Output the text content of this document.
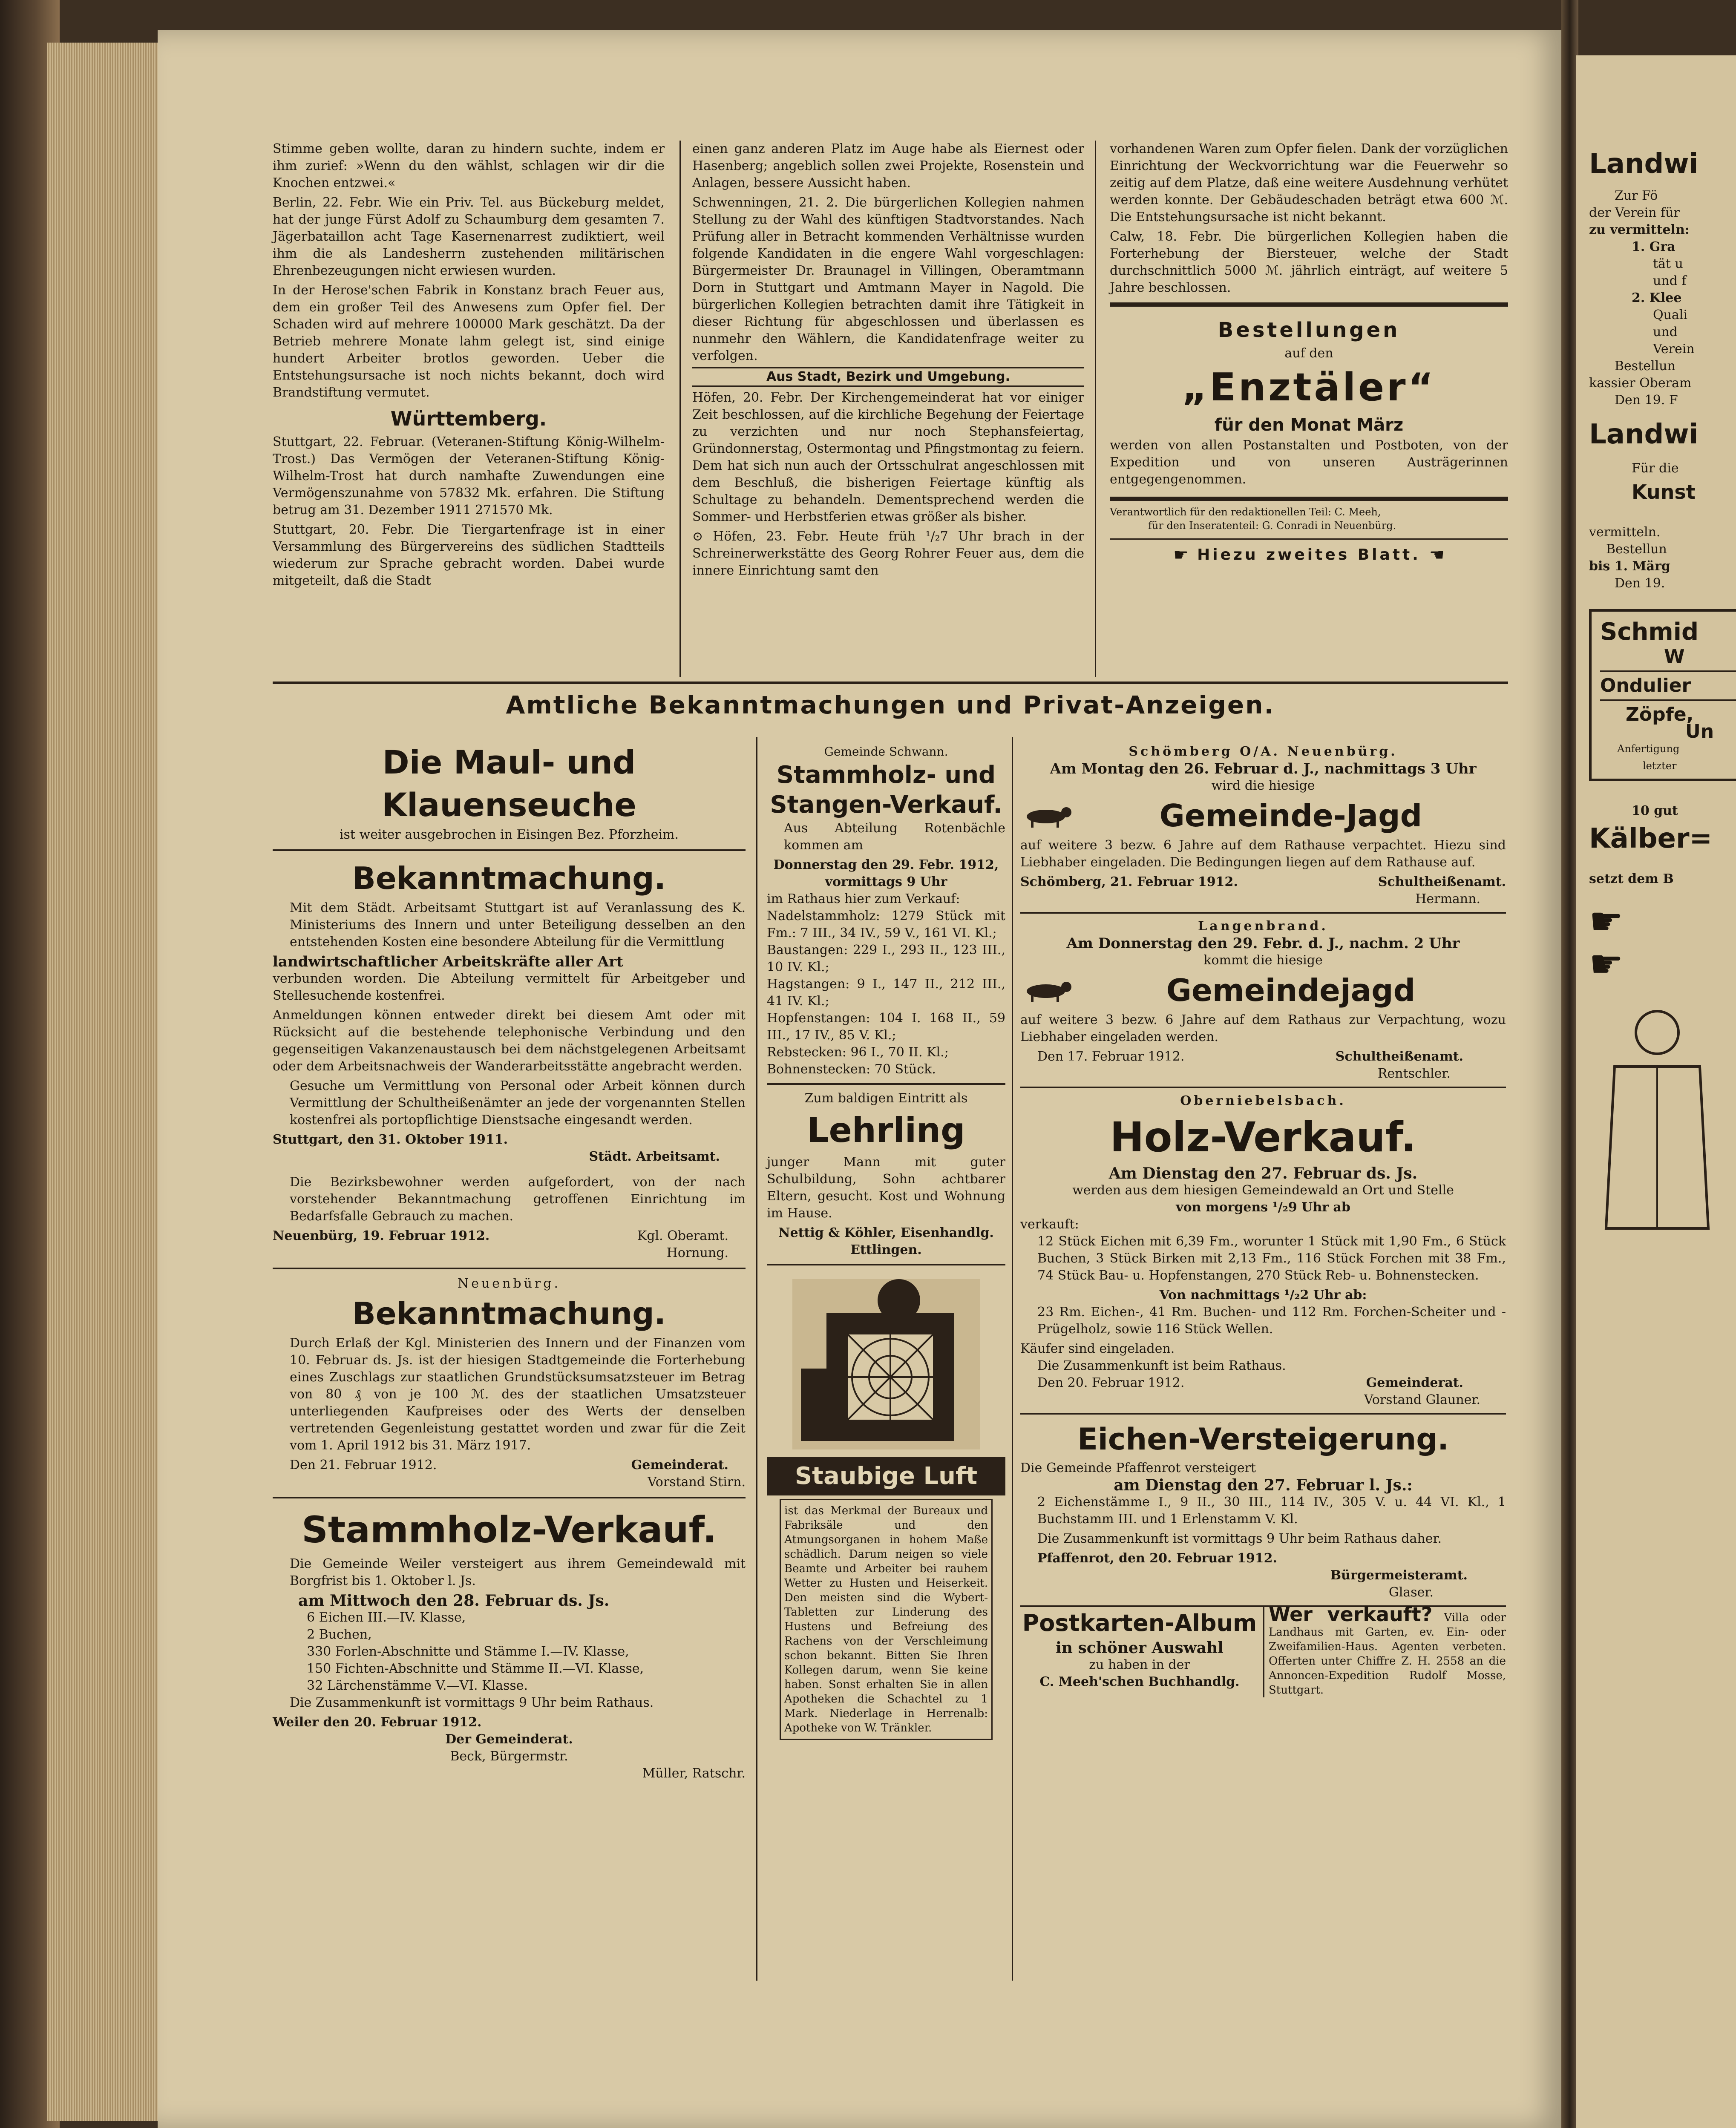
Stimme geben wollte, daran zu hindern suchte, indem er ihm zurief: »Wenn du den wählst, schlagen wir dir die Knochen entzwei.«

Berlin, 22. Febr. Wie ein Priv. Tel. aus Bückeburg meldet, hat der junge Fürst Adolf zu Schaumburg dem gesamten 7. Jägerbataillon acht Tage Kasernenarrest zudiktiert, weil ihm die als Landesherrn zustehenden militärischen Ehrenbezeugungen nicht erwiesen wurden.

In der Herose'schen Fabrik in Konstanz brach Feuer aus, dem ein großer Teil des Anwesens zum Opfer fiel. Der Schaden wird auf mehrere 100000 Mark geschätzt. Da der Betrieb mehrere Monate lahm gelegt ist, sind einige hundert Arbeiter brotlos geworden. Ueber die Entstehungsursache ist noch nichts bekannt, doch wird Brandstiftung vermutet.

Württemberg.

Stuttgart, 22. Februar. (Veteranen-Stiftung König-Wilhelm-Trost.) Das Vermögen der Veteranen-Stiftung König-Wilhelm-Trost hat durch namhafte Zuwendungen eine Vermögenszunahme von 57832 Mk. erfahren. Die Stiftung betrug am 31. Dezember 1911 271570 Mk.

Stuttgart, 20. Febr. Die Tiergartenfrage ist in einer Versammlung des Bürgervereins des südlichen Stadtteils wiederum zur Sprache gebracht worden. Dabei wurde mitgeteilt, daß die Stadt

einen ganz anderen Platz im Auge habe als Eiernest oder Hasenberg; angeblich sollen zwei Projekte, Rosenstein und Anlagen, bessere Aussicht haben.

Schwenningen, 21. 2. Die bürgerlichen Kollegien nahmen Stellung zu der Wahl des künftigen Stadtvorstandes. Nach Prüfung aller in Betracht kommenden Verhältnisse wurden folgende Kandidaten in die engere Wahl vorgeschlagen: Bürgermeister Dr. Braunagel in Villingen, Oberamtmann Dorn in Stuttgart und Amtmann Mayer in Nagold. Die bürgerlichen Kollegien betrachten damit ihre Tätigkeit in dieser Richtung für abgeschlossen und überlassen es nunmehr den Wählern, die Kandidatenfrage weiter zu verfolgen.

Aus Stadt, Bezirk und Umgebung.

Höfen, 20. Febr. Der Kirchengemeinderat hat vor einiger Zeit beschlossen, auf die kirchliche Begehung der Feiertage zu verzichten und nur noch Stephansfeiertag, Gründonnerstag, Ostermontag und Pfingstmontag zu feiern. Dem hat sich nun auch der Ortsschulrat angeschlossen mit dem Beschluß, die bisherigen Feiertage künftig als Schultage zu behandeln. Dementsprechend werden die Sommer- und Herbstferien etwas größer als bisher.

⊙ Höfen, 23. Febr. Heute früh ¹/₂7 Uhr brach in der Schreinerwerkstätte des Georg Rohrer Feuer aus, dem die innere Einrichtung samt den

vorhandenen Waren zum Opfer fielen. Dank der vorzüglichen Einrichtung der Weckvorrichtung war die Feuerwehr so zeitig auf dem Platze, daß eine weitere Ausdehnung verhütet werden konnte. Der Gebäudeschaden beträgt etwa 600 ℳ. Die Entstehungsursache ist nicht bekannt.

Calw, 18. Febr. Die bürgerlichen Kollegien haben die Forterhebung der Biersteuer, welche der Stadt durchschnittlich 5000 ℳ. jährlich einträgt, auf weitere 5 Jahre beschlossen.

Bestellungen
auf den
„Enztäler“
für den Monat März

werden von allen Postanstalten und Postboten, von der Expedition und von unseren Austrägerinnen entgegengenommen.

Verantwortlich für den redaktionellen Teil: C. Meeh,
für den Inseratenteil: G. Conradi in Neuenbürg.
☛ Hiezu zweites Blatt. ☚
Amtliche Bekanntmachungen und Privat-Anzeigen.
Die Maul- und Klauenseuche
ist weiter ausgebrochen in Eisingen Bez. Pforzheim.
Bekanntmachung.

Mit dem Städt. Arbeitsamt Stuttgart ist auf Veranlassung des K. Ministeriums des Innern und unter Beteiligung desselben an den entstehenden Kosten eine besondere Abteilung für die Vermittlung

landwirtschaftlicher Arbeitskräfte aller Art

verbunden worden. Die Abteilung vermittelt für Arbeitgeber und Stellesuchende kostenfrei.

Anmeldungen können entweder direkt bei diesem Amt oder mit Rücksicht auf die bestehende telephonische Verbindung und den gegenseitigen Vakanzenaustausch bei dem nächstgelegenen Arbeitsamt oder dem Arbeitsnachweis der Wanderarbeitsstätte angebracht werden.

Gesuche um Vermittlung von Personal oder Arbeit können durch Vermittlung der Schultheißenämter an jede der vorgenannten Stellen kostenfrei als portopflichtige Dienstsache eingesandt werden.

Stuttgart, den 31. Oktober 1911.
Städt. Arbeitsamt.

Die Bezirksbewohner werden aufgefordert, von der nach vorstehender Bekanntmachung getroffenen Einrichtung im Bedarfsfalle Gebrauch zu machen.

Neuenbürg, 19. Februar 1912.	Kgl. Oberamt.
Hornung.
Neuenbürg.
Bekanntmachung.

Durch Erlaß der Kgl. Ministerien des Innern und der Finanzen vom 10. Februar ds. Js. ist der hiesigen Stadtgemeinde die Forterhebung eines Zuschlags zur staatlichen Grundstücksumsatzsteuer im Betrag von 80 ₰ von je 100 ℳ. des der staatlichen Umsatzsteuer unterliegenden Kaufpreises oder des Werts der denselben vertretenden Gegenleistung gestattet worden und zwar für die Zeit vom 1. April 1912 bis 31. März 1917.

Den 21. Februar 1912.	Gemeinderat.
Vorstand Stirn.
Stammholz-Verkauf.

Die Gemeinde Weiler versteigert aus ihrem Gemeindewald mit Borgfrist bis 1. Oktober l. Js.

am Mittwoch den 28. Februar ds. Js.
6 Eichen III.—IV. Klasse,
2 Buchen,
330 Forlen-Abschnitte und Stämme I.—IV. Klasse,
150 Fichten-Abschnitte und Stämme II.—VI. Klasse,
32 Lärchenstämme V.—VI. Klasse.

Die Zusammenkunft ist vormittags 9 Uhr beim Rathaus.

Weiler den 20. Februar 1912.
Der Gemeinderat.
Beck, Bürgermstr.
Müller, Ratschr.
Gemeinde Schwann.
Stammholz- und
Stangen-Verkauf.

Aus Abteilung Rotenbächle kommen am

Donnerstag den 29. Febr. 1912, vormittags 9 Uhr
im Rathaus hier zum Verkauf:
Nadelstammholz: 1279 Stück mit Fm.: 7 III., 34 IV., 59 V., 161 VI. Kl.;
Baustangen: 229 I., 293 II., 123 III., 10 IV. Kl.;
Hagstangen: 9 I., 147 II., 212 III., 41 IV. Kl.;
Hopfenstangen: 104 I. 168 II., 59 III., 17 IV., 85 V. Kl.;
Rebstecken: 96 I., 70 II. Kl.;
Bohnenstecken: 70 Stück.
Zum baldigen Eintritt als
Lehrling

junger Mann mit guter Schulbildung, Sohn achtbarer Eltern, gesucht. Kost und Wohnung im Hause.

Nettig & Köhler, Eisenhandlg.
Ettlingen.
Staubige Luft
ist das Merkmal der Bureaux und Fabriksäle und den Atmungsorganen in hohem Maße schädlich. Darum neigen so viele Beamte und Arbeiter bei rauhem Wetter zu Husten und Heiserkeit. Den meisten sind die Wybert-Tabletten zur Linderung des Hustens und Befreiung des Rachens von der Verschleimung schon bekannt. Bitten Sie Ihren Kollegen darum, wenn Sie keine haben. Sonst erhalten Sie in allen Apotheken die Schachtel zu 1 Mark. Niederlage in Herrenalb: Apotheke von W. Tränkler.
Schömberg O/A. Neuenbürg.
Am Montag den 26. Februar d. J., nachmittags 3 Uhr
wird die hiesige
Gemeinde-Jagd

auf weitere 3 bezw. 6 Jahre auf dem Rathause verpachtet. Hiezu sind Liebhaber eingeladen. Die Bedingungen liegen auf dem Rathause auf.

Schömberg, 21. Februar 1912.	Schultheißenamt.
Hermann.
Langenbrand.
Am Donnerstag den 29. Febr. d. J., nachm. 2 Uhr
kommt die hiesige
Gemeindejagd

auf weitere 3 bezw. 6 Jahre auf dem Rathaus zur Verpachtung, wozu Liebhaber eingeladen werden.

Den 17. Februar 1912.	Schultheißenamt.
Rentschler.
Oberniebelsbach.
Holz-Verkauf.
Am Dienstag den 27. Februar ds. Js.
werden aus dem hiesigen Gemeindewald an Ort und Stelle
von morgens ¹/₂9 Uhr ab
verkauft:

12 Stück Eichen mit 6,39 Fm., worunter 1 Stück mit 1,90 Fm., 6 Stück Buchen, 3 Stück Birken mit 2,13 Fm., 116 Stück Forchen mit 38 Fm., 74 Stück Bau- u. Hopfenstangen, 270 Stück Reb- u. Bohnenstecken.

Von nachmittags ¹/₂2 Uhr ab:

23 Rm. Eichen-, 41 Rm. Buchen- und 112 Rm. Forchen-Scheiter und -Prügelholz, sowie 116 Stück Wellen.

Käufer sind eingeladen.
Die Zusammenkunft ist beim Rathaus.
Den 20. Februar 1912.	Gemeinderat.
Vorstand Glauner.
Eichen-Versteigerung.
Die Gemeinde Pfaffenrot versteigert
am Dienstag den 27. Februar l. Js.:

2 Eichenstämme I., 9 II., 30 III., 114 IV., 305 V. u. 44 VI. Kl., 1 Buchstamm III. und 1 Erlenstamm V. Kl.

Die Zusammenkunft ist vormittags 9 Uhr beim Rathaus daher.

Pfaffenrot, den 20. Februar 1912.
Bürgermeisteramt.
Glaser.
Postkarten-Album
in schöner Auswahl
zu haben in der
C. Meeh'schen Buchhandlg.
Wer verkauft? Villa oder Landhaus mit Garten, ev. Ein- oder Zweifamilien-Haus. Agenten verbeten. Offerten unter Chiffre Z. H. 2558 an die Annoncen-Expedition Rudolf Mosse, Stuttgart.
Landwi
Zur Fö
der Verein für
zu vermitteln:
1. Gra
tät u
und f
2. Klee
Quali
und
Verein
Bestellun
kassier Oberam
Den 19. F
Landwi
Für die
Kunst
vermitteln.
Bestellun
bis 1. Märg
Den 19.
Schmid
W
Ondulier
Zöpfe,
Un
Anfertigung
letzter
10 gut
Kälber=
setzt dem B
☛
☛
